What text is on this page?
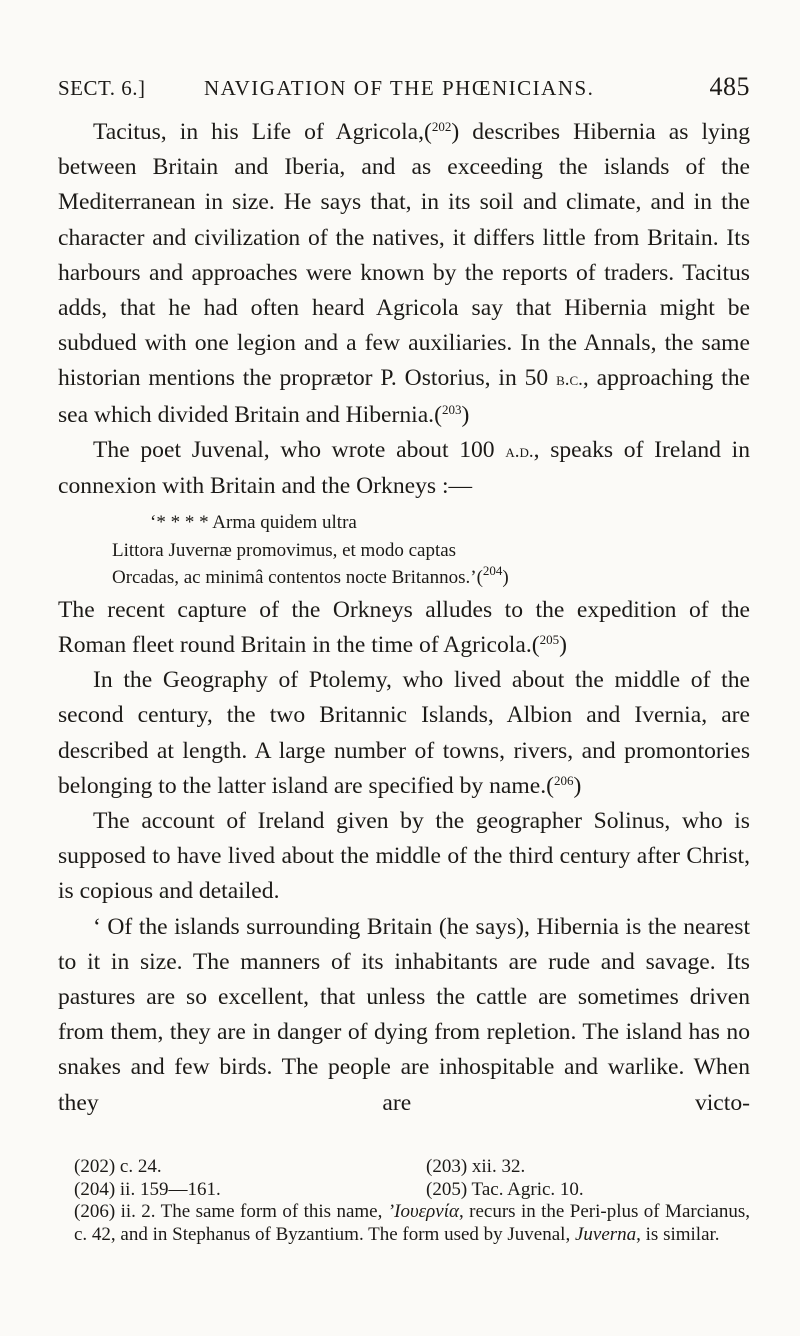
SECT. 6.]	NAVIGATION OF THE PHŒNICIANS.	485

Tacitus, in his Life of Agricola,($^{202}$) describes Hibernia as lying between Britain and Iberia, and as exceeding the islands of the Mediterranean in size. He says that, in its soil and climate, and in the character and civilization of the natives, it differs little from Britain. Its harbours and approaches were known by the reports of traders. Tacitus adds, that he had often heard Agricola say that Hibernia might be subdued with one legion and a few auxiliaries. In the Annals, the same historian mentions the proprætor P. Ostorius, in 50 b.c., approaching the sea which divided Britain and Hibernia.($^{203}$)

The poet Juvenal, who wrote about 100 a.d., speaks of Ireland in connexion with Britain and the Orkneys :—

‘* * * * Arma quidem ultra
Littora Juvernæ promovimus, et modo captas
Orcadas, ac minimâ contentos nocte Britannos.’($^{204}$)

The recent capture of the Orkneys alludes to the expedition of the Roman fleet round Britain in the time of Agricola.($^{205}$)

In the Geography of Ptolemy, who lived about the middle of the second century, the two Britannic Islands, Albion and Ivernia, are described at length. A large number of towns, rivers, and promontories belonging to the latter island are specified by name.($^{206}$)

The account of Ireland given by the geographer Solinus, who is supposed to have lived about the middle of the third century after Christ, is copious and detailed.

‘ Of the islands surrounding Britain (he says), Hibernia is the nearest to it in size. The manners of its inhabitants are rude and savage. Its pastures are so excellent, that unless the cattle are sometimes driven from them, they are in danger of dying from repletion. The island has no snakes and few birds. The people are inhospitable and warlike. When they are victo-

(202) c. 24.	(203) xii. 32.
(204) ii. 159—161.	(205) Tac. Agric. 10.

(206) ii. 2. The same form of this name, ’Ιουερνία, recurs in the Peri-plus of Marcianus, c. 42, and in Stephanus of Byzantium. The form used by Juvenal, Juverna, is similar.
